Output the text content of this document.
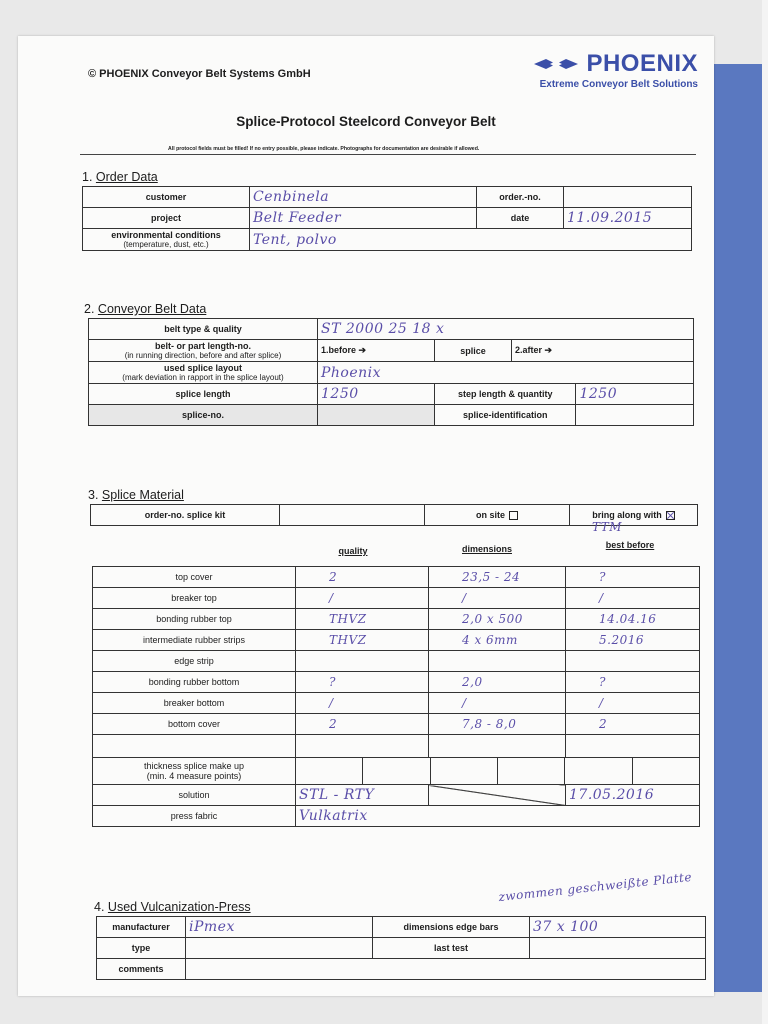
© PHOENIX Conveyor Belt Systems GmbH	PHOENIX
Extreme Conveyor Belt Solutions
Splice-Protocol Steelcord Conveyor Belt
All protocol fields must be filled! If no entry possible, please indicate. Photographs for documentation are desirable if allowed.
1. Order Data
customer	Cenbinela	order.-no.	
project	Belt Feeder	date	11.09.2015

environmental conditions
(temperature, dust, etc.)	Tent, polvo		
2. Conveyor Belt Data
belt type & quality	ST 2000 25 18 x			

belt- or part length-no.
(in running direction, before and after splice)	1.before ➔	splice	2.after ➔	

used splice layout
(mark deviation in rapport in the splice layout)	Phoenix			
splice length	1250	step length & quantity		1250
splice-no.		splice-identification		
3. Splice Material
order-no. splice kit		on site	bring along with
TTM
quality	dimensions	best before
top cover	2	23,5 - 24	?
breaker top	/	/	/
bonding rubber top	THVZ	2,0 x 500	14.04.16
intermediate rubber strips	THVZ	4 x 6mm	5.2016
edge strip			
bonding rubber bottom	?	2,0	?
breaker bottom	/	/	/
bottom cover	2	7,8 - 8,0	2

thickness splice make up
(min. 4 measure points)			

solution	STL - RTY		17.05.2016
press fabric	Vulkatrix		
4. Used Vulcanization-Press
zwommen geschweißte Platte
manufacturer	iPmex	dimensions edge bars	37 x 100
type		last test	
comments			
